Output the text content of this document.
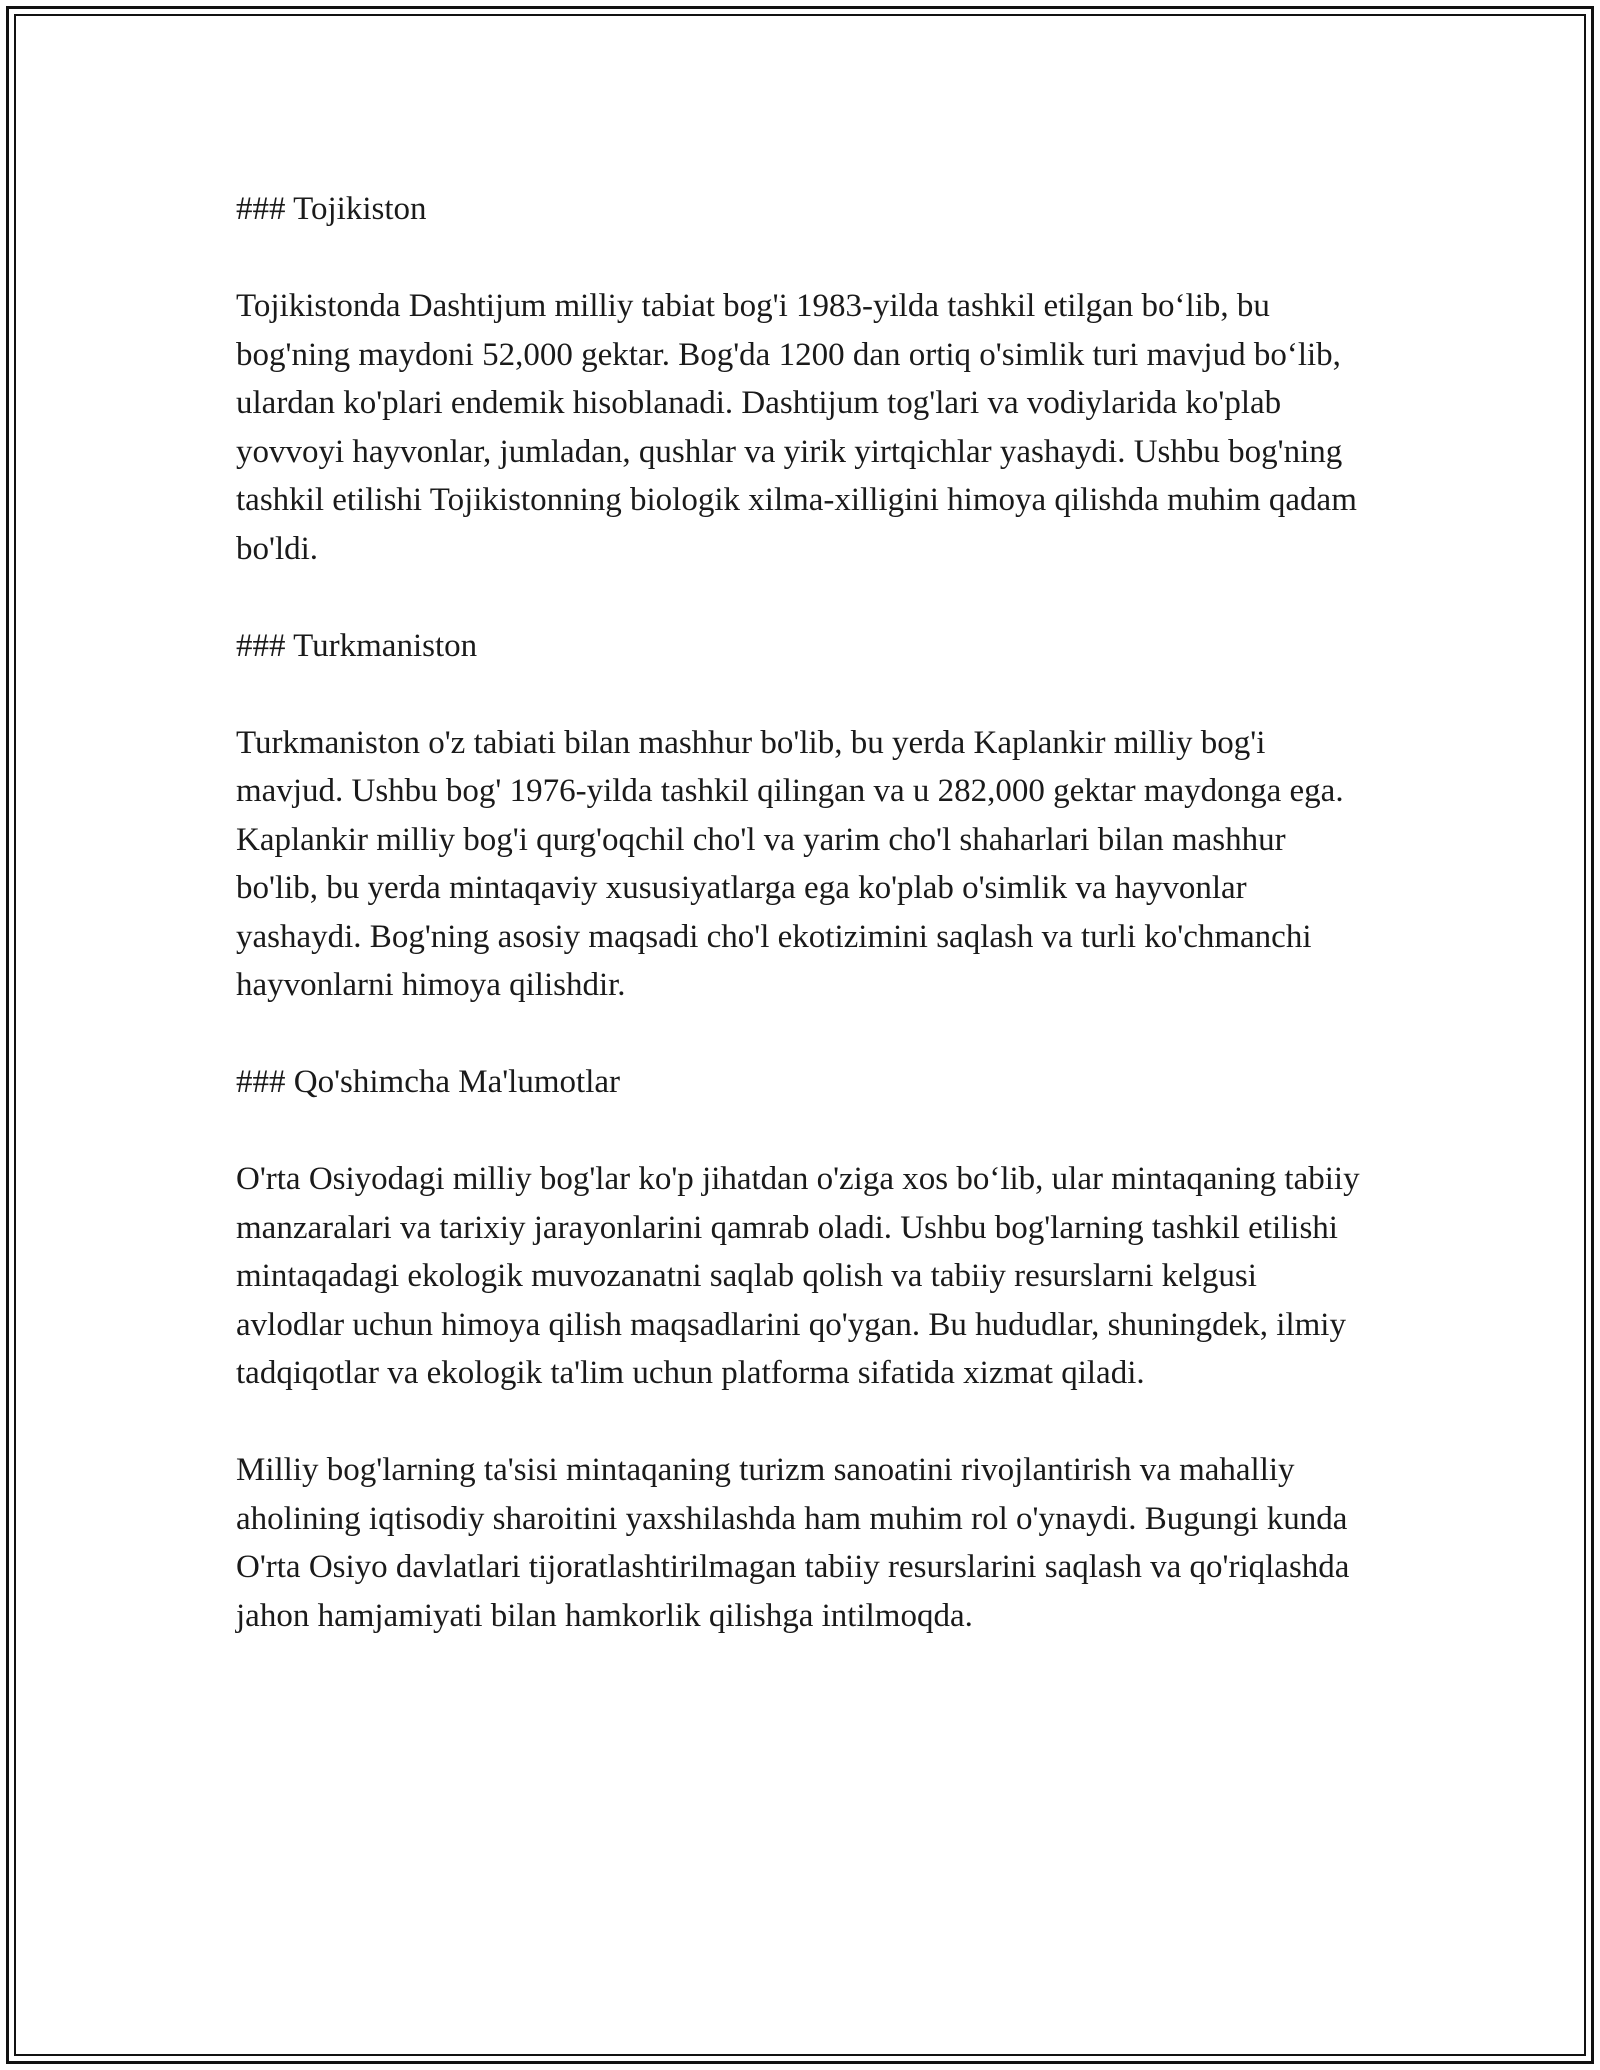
### Tojikiston

Tojikistonda Dashtijum milliy tabiat bog'i 1983-yilda tashkil etilgan bo‘lib, bu bog'ning maydoni 52,000 gektar. Bog'da 1200 dan ortiq o'simlik turi mavjud bo‘lib, ulardan ko'plari endemik hisoblanadi. Dashtijum tog'lari va vodiylarida ko'plab yovvoyi hayvonlar, jumladan, qushlar va yirik yirtqichlar yashaydi. Ushbu bog'ning tashkil etilishi Tojikistonning biologik xilma-xilligini himoya qilishda muhim qadam bo'ldi.

### Turkmaniston

Turkmaniston o'z tabiati bilan mashhur bo'lib, bu yerda Kaplankir milliy bog'i mavjud. Ushbu bog' 1976-yilda tashkil qilingan va u 282,000 gektar maydonga ega. Kaplankir milliy bog'i qurg'oqchil cho'l va yarim cho'l shaharlari bilan mashhur bo'lib, bu yerda mintaqaviy xususiyatlarga ega ko'plab o'simlik va hayvonlar yashaydi. Bog'ning asosiy maqsadi cho'l ekotizimini saqlash va turli ko'chmanchi hayvonlarni himoya qilishdir.

### Qo'shimcha Ma'lumotlar

O'rta Osiyodagi milliy bog'lar ko'p jihatdan o'ziga xos bo‘lib, ular mintaqaning tabiiy manzaralari va tarixiy jarayonlarini qamrab oladi. Ushbu bog'larning tashkil etilishi mintaqadagi ekologik muvozanatni saqlab qolish va tabiiy resurslarni kelgusi avlodlar uchun himoya qilish maqsadlarini qo'ygan. Bu hududlar, shuningdek, ilmiy tadqiqotlar va ekologik ta'lim uchun platforma sifatida xizmat qiladi.

Milliy bog'larning ta'sisi mintaqaning turizm sanoatini rivojlantirish va mahalliy aholining iqtisodiy sharoitini yaxshilashda ham muhim rol o'ynaydi. Bugungi kunda O'rta Osiyo davlatlari tijoratlashtirilmagan tabiiy resurslarini saqlash va qo'riqlashda jahon hamjamiyati bilan hamkorlik qilishga intilmoqda.
